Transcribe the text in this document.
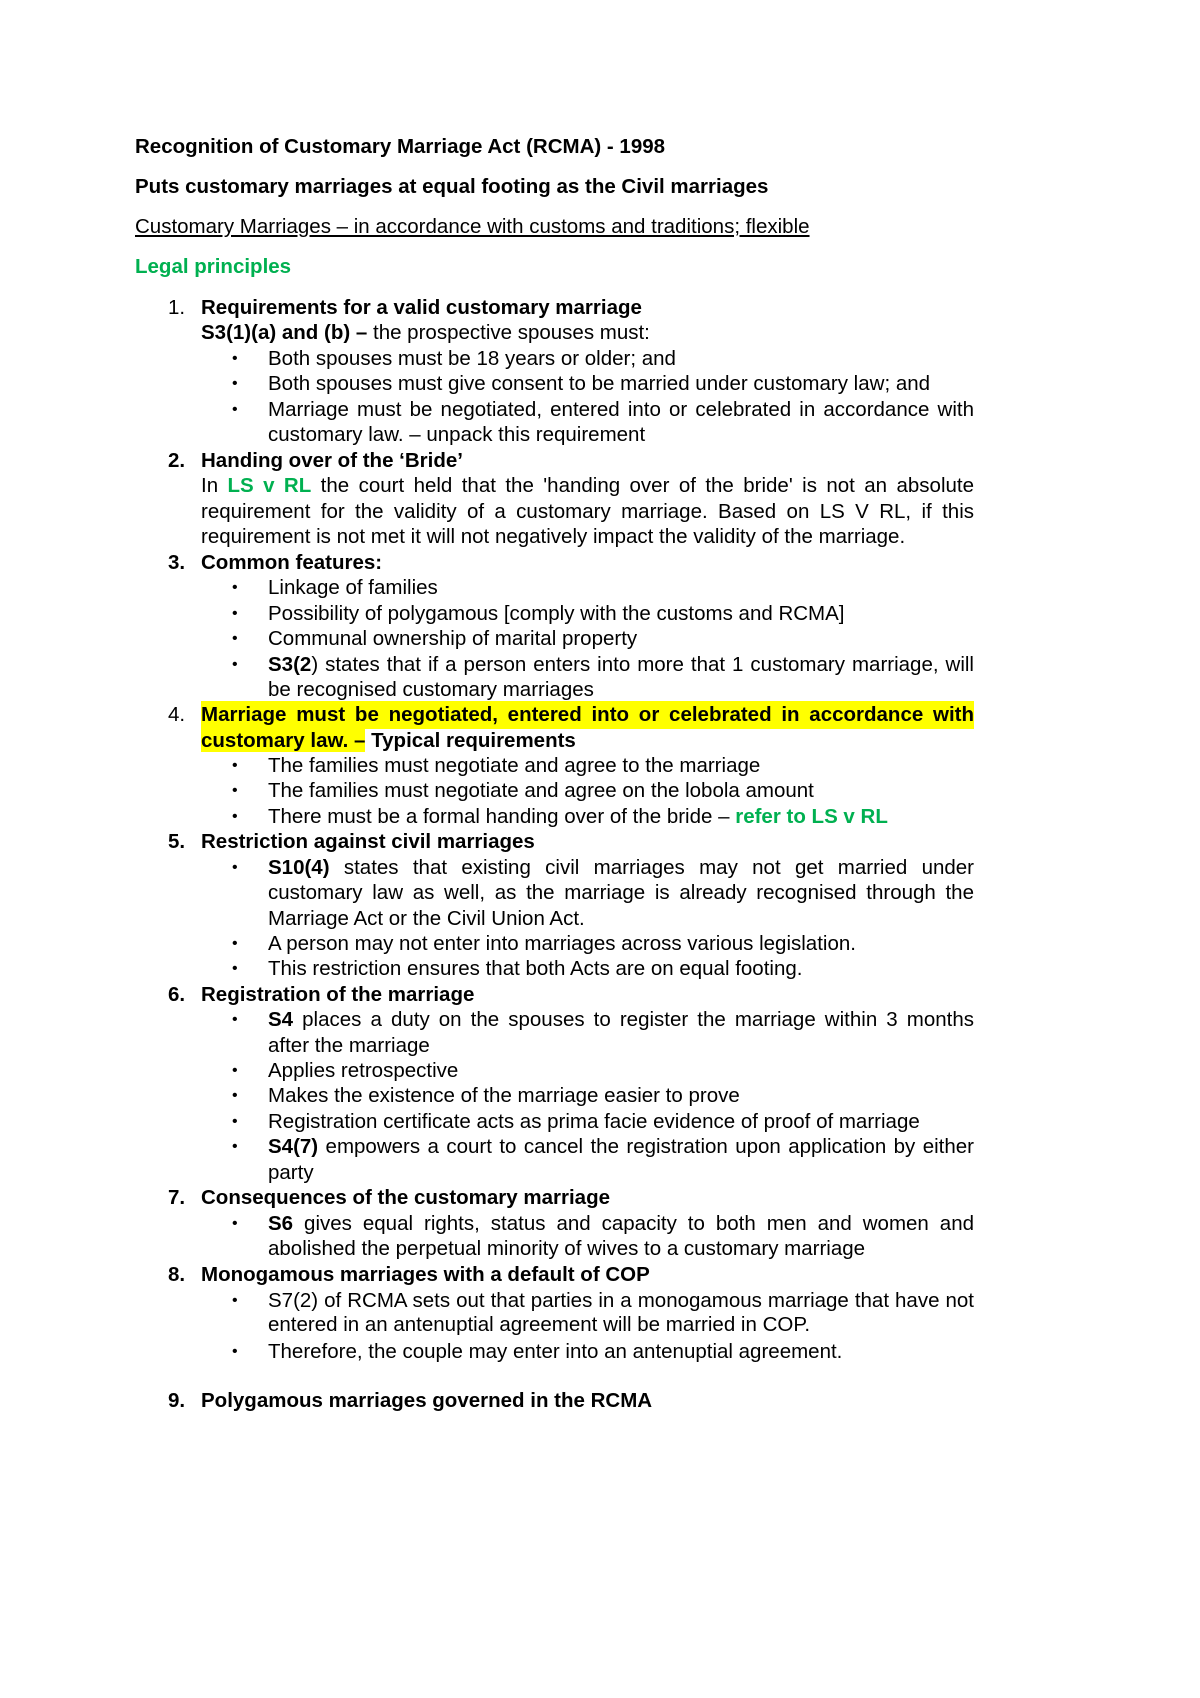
Recognition of Customary Marriage Act (RCMA) - 1998
Puts customary marriages at equal footing as the Civil marriages
Customary Marriages – in accordance with customs and traditions; flexible
Legal principles
1. Requirements for a valid customary marriage
S3(1)(a) and (b) – the prospective spouses must:
• Both spouses must be 18 years or older; and
• Both spouses must give consent to be married under customary law; and
• Marriage must be negotiated, entered into or celebrated in accordance with
customary law. – unpack this requirement
2. Handing over of the ‘Bride’
In LS v RL the court held that the 'handing over of the bride' is not an absolute
requirement for the validity of a customary marriage. Based on LS V RL, if this
requirement is not met it will not negatively impact the validity of the marriage.
3. Common features:
• Linkage of families
• Possibility of polygamous [comply with the customs and RCMA]
• Communal ownership of marital property
• S3(2) states that if a person enters into more that 1 customary marriage, will
be recognised customary marriages
4. Marriage must be negotiated, entered into or celebrated in accordance with
customary law. – Typical requirements
• The families must negotiate and agree to the marriage
• The families must negotiate and agree on the lobola amount
• There must be a formal handing over of the bride – refer to LS v RL
5. Restriction against civil marriages
• S10(4) states that existing civil marriages may not get married under
customary law as well, as the marriage is already recognised through the
Marriage Act or the Civil Union Act.
• A person may not enter into marriages across various legislation.
• This restriction ensures that both Acts are on equal footing.
6. Registration of the marriage
• S4 places a duty on the spouses to register the marriage within 3 months
after the marriage
• Applies retrospective
• Makes the existence of the marriage easier to prove
• Registration certificate acts as prima facie evidence of proof of marriage
• S4(7) empowers a court to cancel the registration upon application by either
party
7. Consequences of the customary marriage
• S6 gives equal rights, status and capacity to both men and women and
abolished the perpetual minority of wives to a customary marriage
8. Monogamous marriages with a default of COP
• S7(2) of RCMA sets out that parties in a monogamous marriage that have not
entered in an antenuptial agreement will be married in COP.
• Therefore, the couple may enter into an antenuptial agreement.
9. Polygamous marriages governed in the RCMA
